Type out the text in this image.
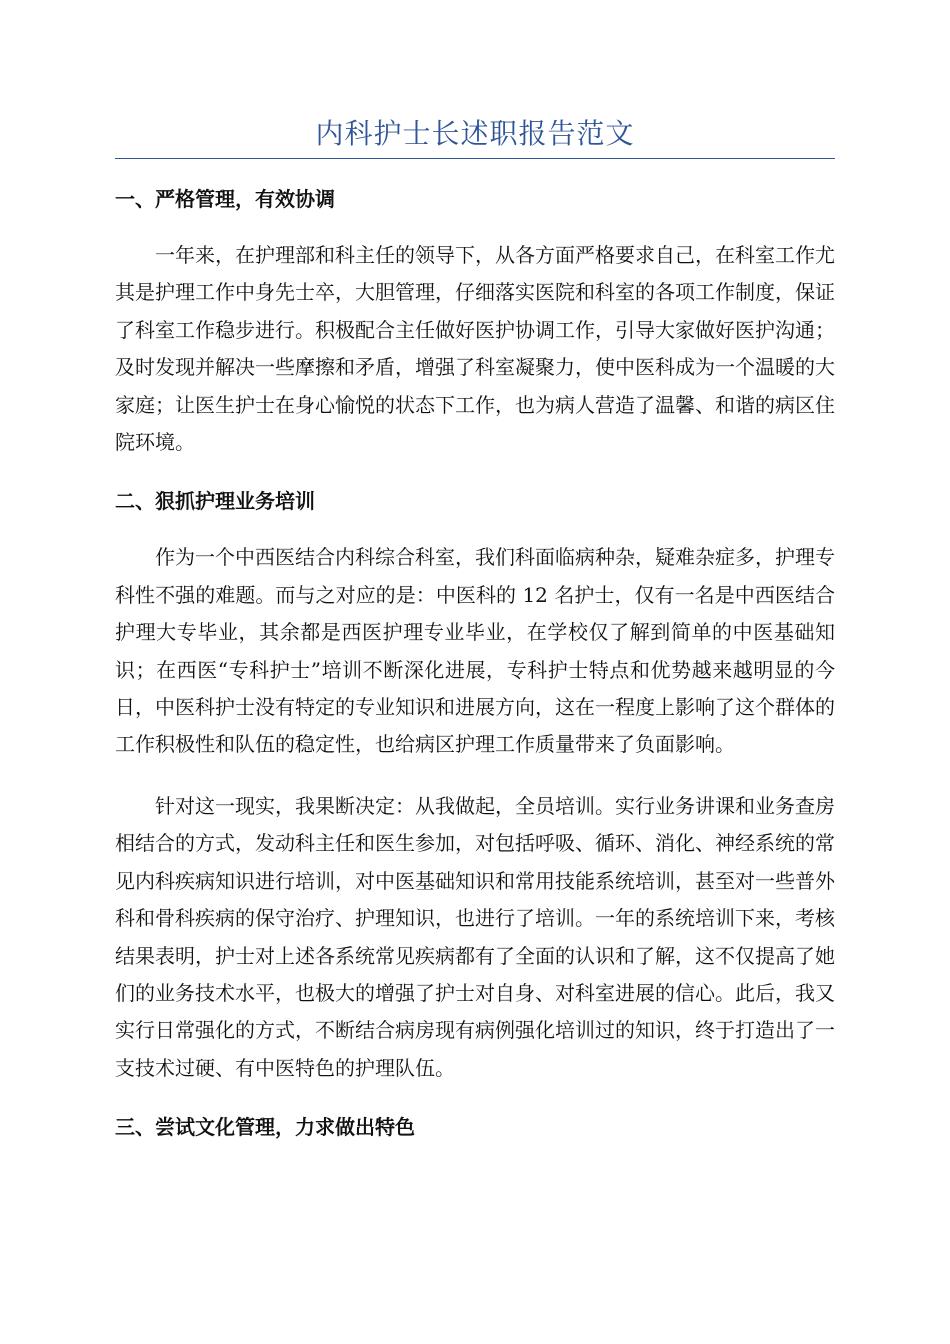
内科护士长述职报告范文

一、严格管理，有效协调

一年来，在护理部和科主任的领导下，从各方面严格要求自己，在科室工作尤其是护理工作中身先士卒，大胆管理，仔细落实医院和科室的各项工作制度，保证了科室工作稳步进行。积极配合主任做好医护协调工作，引导大家做好医护沟通；及时发现并解决一些摩擦和矛盾，增强了科室凝聚力，使中医科成为一个温暖的大家庭；让医生护士在身心愉悦的状态下工作，也为病人营造了温馨、和谐的病区住院环境。

二、狠抓护理业务培训

作为一个中西医结合内科综合科室，我们科面临病种杂，疑难杂症多，护理专科性不强的难题。而与之对应的是：中医科的 12 名护士，仅有一名是中西医结合护理大专毕业，其余都是西医护理专业毕业，在学校仅了解到简单的中医基础知识；在西医“专科护士”培训不断深化进展，专科护士特点和优势越来越明显的今日，中医科护士没有特定的专业知识和进展方向，这在一程度上影响了这个群体的工作积极性和队伍的稳定性，也给病区护理工作质量带来了负面影响。

针对这一现实，我果断决定：从我做起，全员培训。实行业务讲课和业务查房相结合的方式，发动科主任和医生参加，对包括呼吸、循环、消化、神经系统的常见内科疾病知识进行培训，对中医基础知识和常用技能系统培训，甚至对一些普外科和骨科疾病的保守治疗、护理知识，也进行了培训。一年的系统培训下来，考核结果表明，护士对上述各系统常见疾病都有了全面的认识和了解，这不仅提高了她们的业务技术水平，也极大的增强了护士对自身、对科室进展的信心。此后，我又实行日常强化的方式，不断结合病房现有病例强化培训过的知识，终于打造出了一支技术过硬、有中医特色的护理队伍。

三、尝试文化管理，力求做出特色
